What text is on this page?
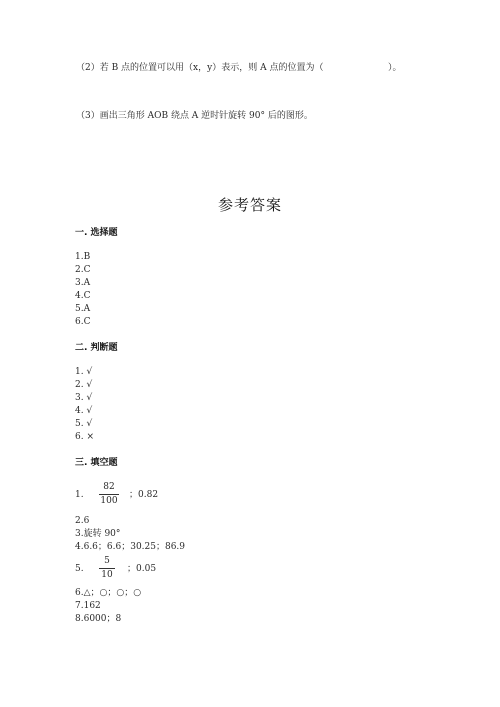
（2）若 B 点的位置可以用（x，y）表示，则 A 点的位置为（	）。
（3）画出三角形 AOB 绕点 A 逆时针旋转 90° 后的图形。
参考答案
一. 选择题
1.B
2.C
3.A
4.C
5.A
6.C
二. 判断题
1. √
2. √
3. √
4. √
5. √
6. ×
三. 填空题
1.
82
100
；0.82
2.6
3.旋转 90°
4.6.6；6.6；30.25；86.9
5.
5
10
；0.05
6.△；○；○；○
7.162
8.6000；8
